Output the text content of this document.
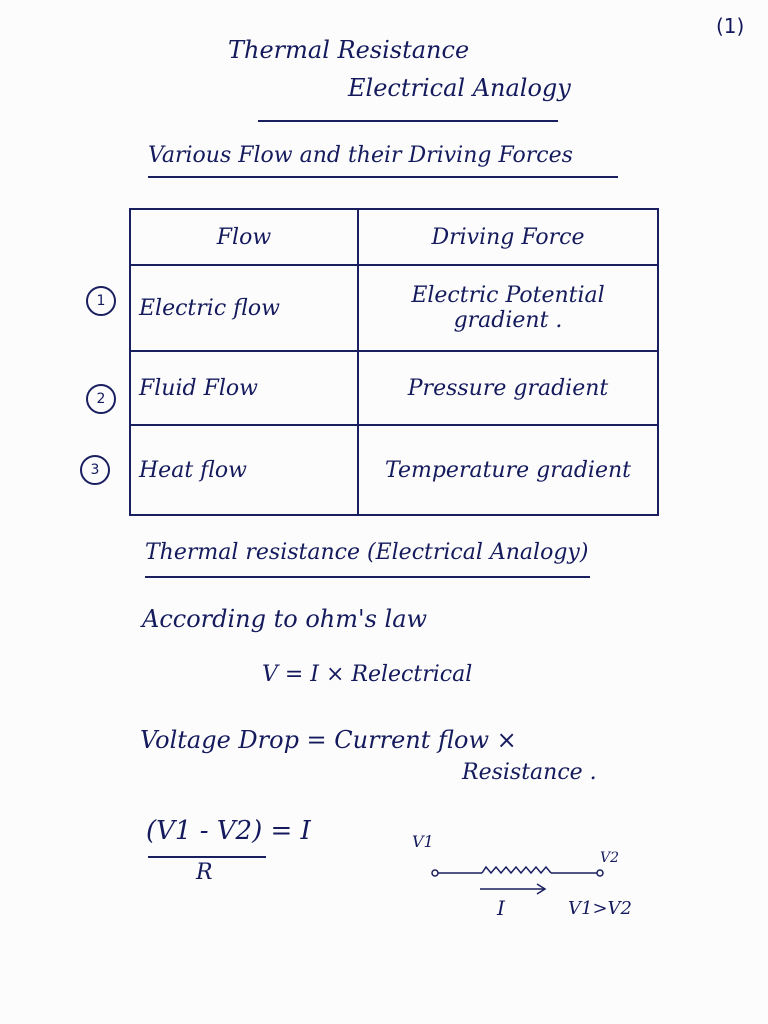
(1)
Thermal Resistance
Electrical Analogy
Various Flow and their Driving Forces
Flow	Driving Force
Electric flow	Electric Potential gradient .
Fluid Flow	Pressure gradient
Heat flow	Temperature gradient
1
2
3
Thermal resistance (Electrical Analogy)
According to ohm's law
V = I × Relectrical
Voltage Drop = Current flow ×
Resistance .
(V1 - V2) = I
R
V1
V2
I	V1>V2
